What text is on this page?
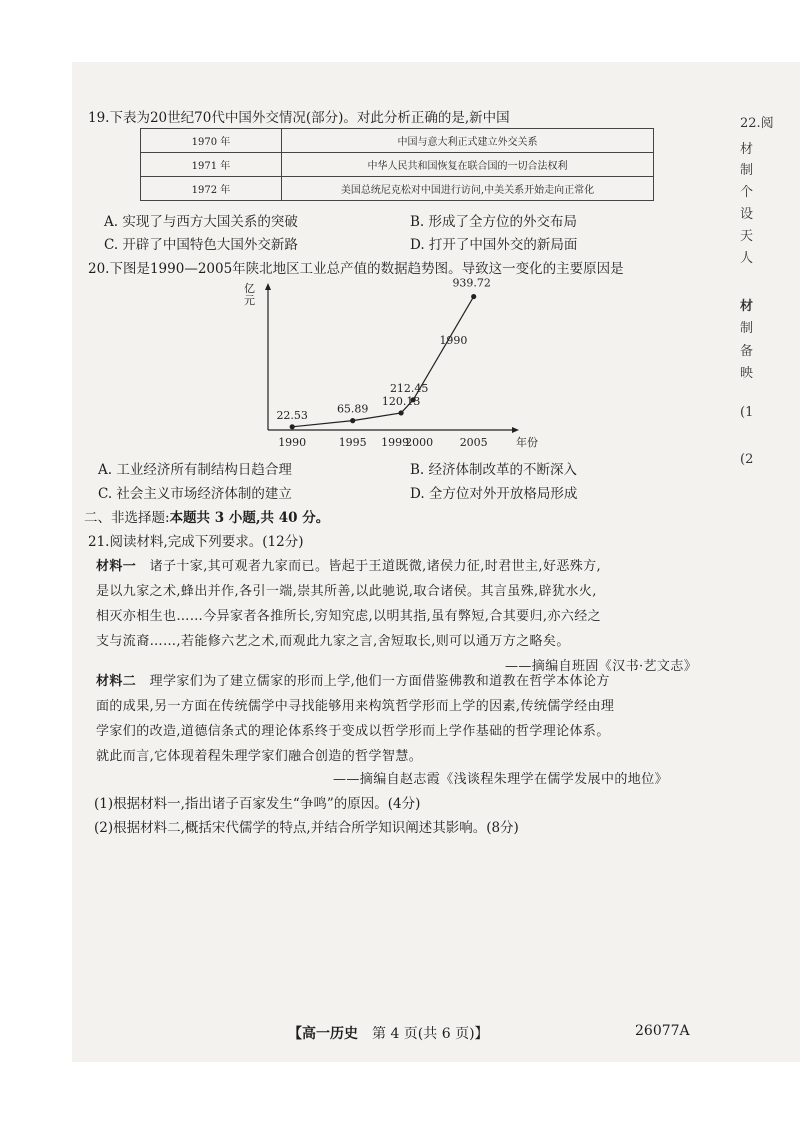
19.下表为20世纪70代中国外交情况(部分)。对此分析正确的是,新中国
1970 年	中国与意大利正式建立外交关系
1971 年	中华人民共和国恢复在联合国的一切合法权利
1972 年	美国总统尼克松对中国进行访问,中美关系开始走向正常化
A. 实现了与西方大国关系的突破	B. 形成了全方位的外交布局
C. 开辟了中国特色大国外交新路	D. 打开了中国外交的新局面
20.下图是1990—2005年陕北地区工业总产值的数据趋势图。导致这一变化的主要原因是
亿
元
年份
1990	1995 1999
2000 2005
22.53	65.89
120.13
212.45
939.72
1990
A. 工业经济所有制结构日趋合理	B. 经济体制改革的不断深入
C. 社会主义市场经济体制的建立	D. 全方位对外开放格局形成
二、非选择题:本题共 3 小题,共 40 分。
21.阅读材料,完成下列要求。(12分)
材料一  诸子十家,其可观者九家而已。皆起于王道既微,诸侯力征,时君世主,好恶殊方,
是以九家之术,蜂出并作,各引一端,崇其所善,以此驰说,取合诸侯。其言虽殊,辟犹水火,
相灭亦相生也……今异家者各推所长,穷知究虑,以明其指,虽有弊短,合其要归,亦六经之
支与流裔……,若能修六艺之术,而观此九家之言,舍短取长,则可以通万方之略矣。
——摘编自班固《汉书·艺文志》
材料二  理学家们为了建立儒家的形而上学,他们一方面借鉴佛教和道教在哲学本体论方
面的成果,另一方面在传统儒学中寻找能够用来构筑哲学形而上学的因素,传统儒学经由理
学家们的改造,道德信条式的理论体系终于变成以哲学形而上学作基础的哲学理论体系。
就此而言,它体现着程朱理学家们融合创造的哲学智慧。
——摘编自赵志霞《浅谈程朱理学在儒学发展中的地位》
(1)根据材料一,指出诸子百家发生“争鸣”的原因。(4分)
(2)根据材料二,概括宋代儒学的特点,并结合所学知识阐述其影响。(8分)
【高一历史  第 4 页(共 6 页)】	26077A
22.阅
材
制
个
设
天
人
材
制
备
映
(1
(2
